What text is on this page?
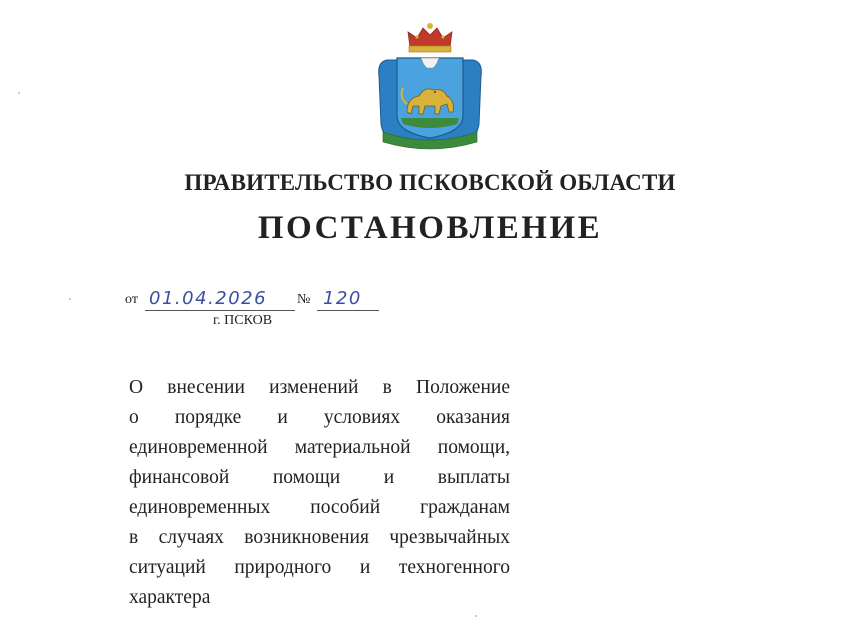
ПРАВИТЕЛЬСТВО ПСКОВСКОЙ ОБЛАСТИ
ПОСТАНОВЛЕНИЕ
от 01.04.2026 № 120
г. ПСКОВ
О внесении изменений в Положение
о порядке и условиях оказания
единовременной материальной помощи,
финансовой помощи и выплаты
единовременных пособий гражданам
в случаях возникновения чрезвычайных
ситуаций природного и техногенного
характера
